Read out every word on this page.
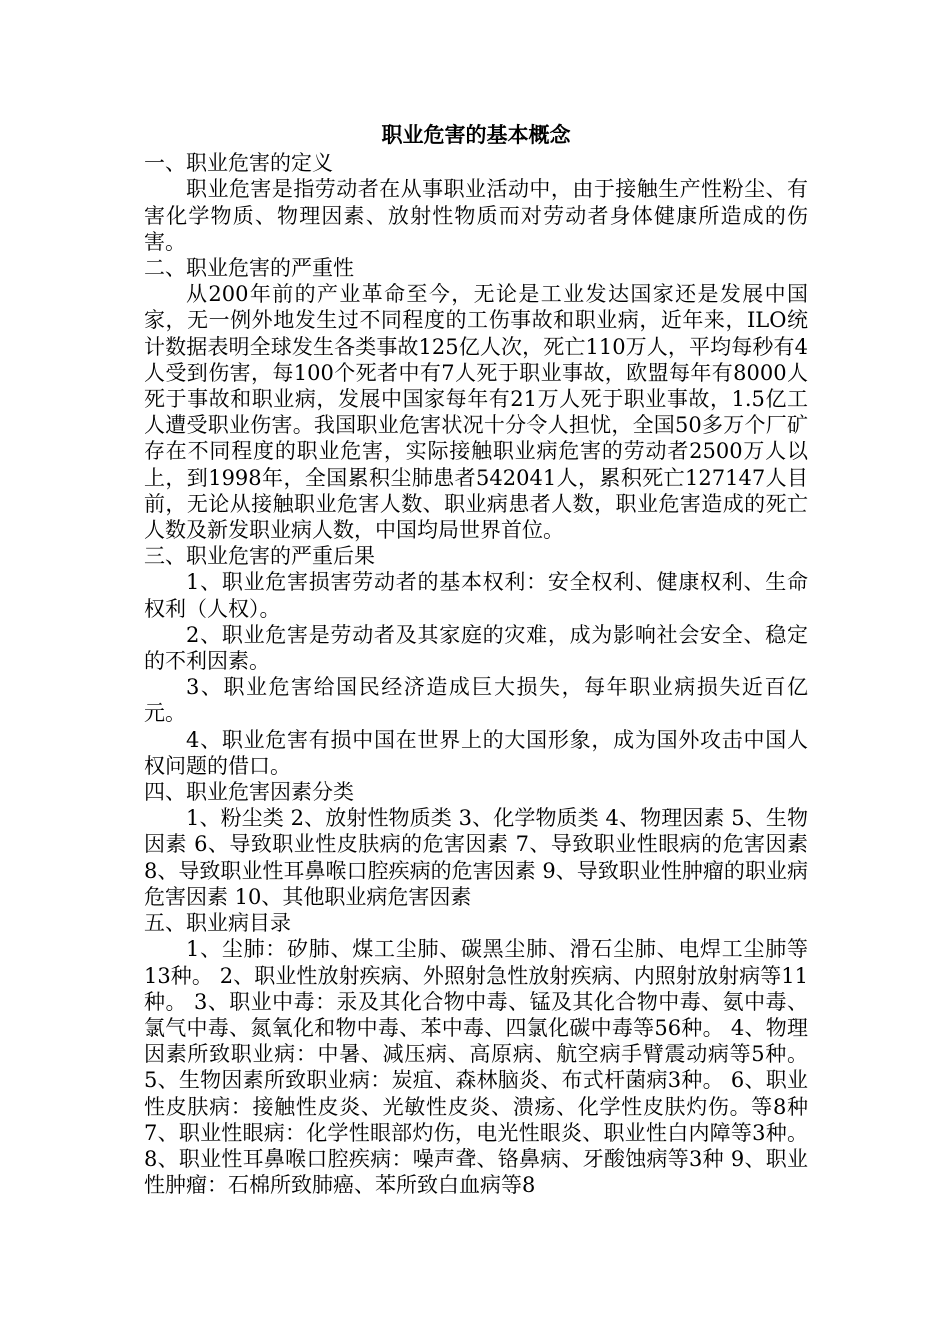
职业危害的基本概念

一、职业危害的定义

职业危害是指劳动者在从事职业活动中，由于接触生产性粉尘、有害化学物质、物理因素、放射性物质而对劳动者身体健康所造成的伤害。

二、职业危害的严重性

从200年前的产业革命至今，无论是工业发达国家还是发展中国家，无一例外地发生过不同程度的工伤事故和职业病，近年来，ILO统计数据表明全球发生各类事故125亿人次，死亡110万人，平均每秒有4人受到伤害，每100个死者中有7人死于职业事故，欧盟每年有8000人死于事故和职业病，发展中国家每年有21万人死于职业事故，1.5亿工人遭受职业伤害。我国职业危害状况十分令人担忧，全国50多万个厂矿存在不同程度的职业危害，实际接触职业病危害的劳动者2500万人以上，到1998年，全国累积尘肺患者542041人，累积死亡127147人目前，无论从接触职业危害人数、职业病患者人数，职业危害造成的死亡人数及新发职业病人数，中国均局世界首位。

三、职业危害的严重后果

1、职业危害损害劳动者的基本权利：安全权利、健康权利、生命权利（人权）。

2、职业危害是劳动者及其家庭的灾难，成为影响社会安全、稳定的不利因素。

3、职业危害给国民经济造成巨大损失，每年职业病损失近百亿元。

4、职业危害有损中国在世界上的大国形象，成为国外攻击中国人权问题的借口。

四、职业危害因素分类

1、粉尘类 2、放射性物质类 3、化学物质类 4、物理因素 5、生物因素 6、导致职业性皮肤病的危害因素 7、导致职业性眼病的危害因素 8、导致职业性耳鼻喉口腔疾病的危害因素 9、导致职业性肿瘤的职业病危害因素 10、其他职业病危害因素

五、职业病目录

1、尘肺：矽肺、煤工尘肺、碳黑尘肺、滑石尘肺、电焊工尘肺等13种。 2、职业性放射疾病、外照射急性放射疾病、内照射放射病等11种。 3、职业中毒：汞及其化合物中毒、锰及其化合物中毒、氨中毒、氯气中毒、氮氧化和物中毒、苯中毒、四氯化碳中毒等56种。 4、物理因素所致职业病：中暑、减压病、高原病、航空病手臂震动病等5种。 5、生物因素所致职业病：炭疽、森林脑炎、布式杆菌病3种。 6、职业性皮肤病：接触性皮炎、光敏性皮炎、溃疡、化学性皮肤灼伤。等8种 7、职业性眼病：化学性眼部灼伤，电光性眼炎、职业性白内障等3种。 8、职业性耳鼻喉口腔疾病：噪声聋、铬鼻病、牙酸蚀病等3种 9、职业性肿瘤：石棉所致肺癌、苯所致白血病等8
